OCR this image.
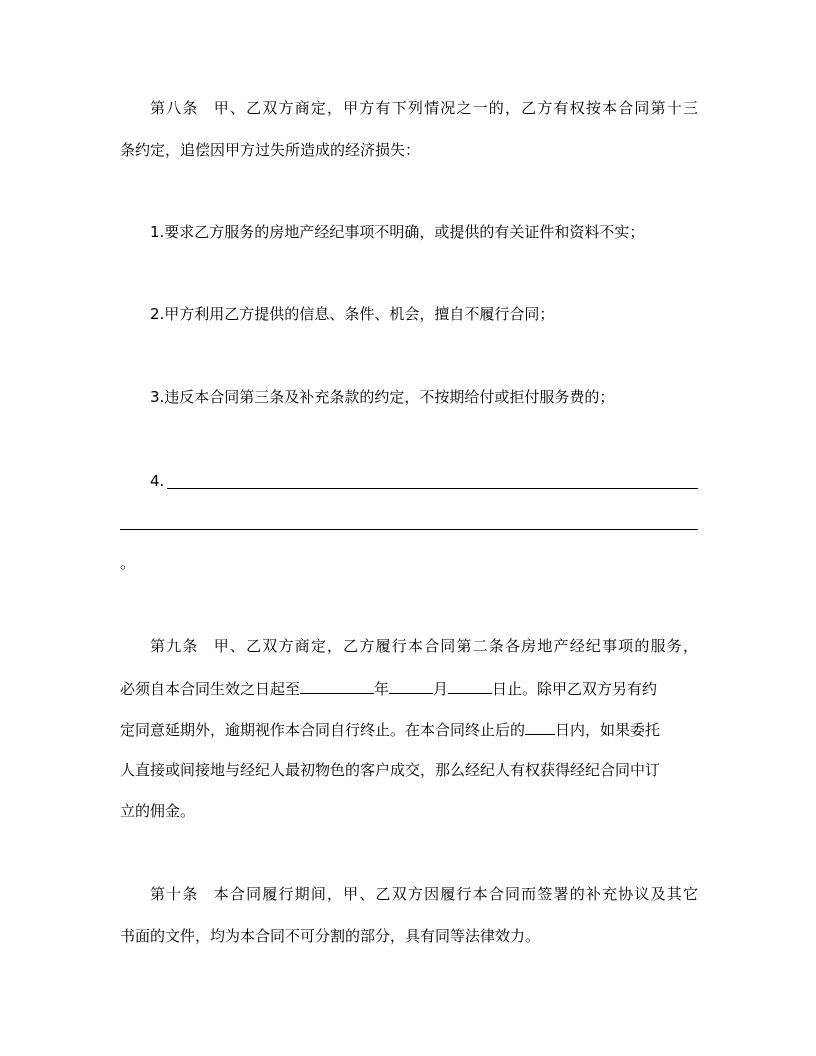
第八条 甲、乙双方商定，甲方有下列情况之一的，乙方有权按本合同第十三
条约定，追偿因甲方过失所造成的经济损失：
1.要求乙方服务的房地产经纪事项不明确，或提供的有关证件和资料不实；
2.甲方利用乙方提供的信息、条件、机会，擅自不履行合同；
3.违反本合同第三条及补充条款的约定，不按期给付或拒付服务费的；
4.
。
第九条 甲、乙双方商定，乙方履行本合同第二条各房地产经纪事项的服务，
必须自本合同生效之日起至	年	月	日止。除甲乙双方另有约
定同意延期外，逾期视作本合同自行终止。在本合同终止后的 日内，如果委托
人直接或间接地与经纪人最初物色的客户成交，那么经纪人有权获得经纪合同中订
立的佣金。
第十条 本合同履行期间，甲、乙双方因履行本合同而签署的补充协议及其它
书面的文件，均为本合同不可分割的部分，具有同等法律效力。
